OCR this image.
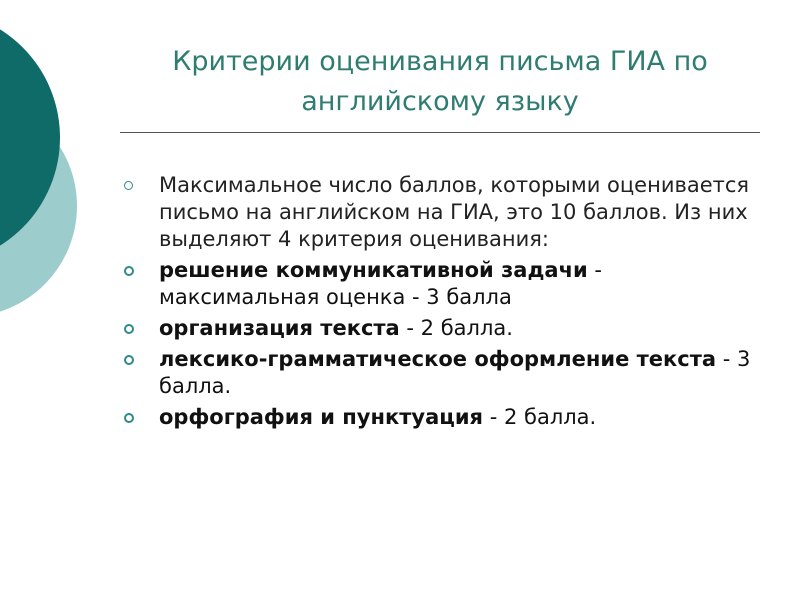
Критерии оценивания письма ГИА по английскому языку
Максимальное число баллов, которыми оценивается письмо на английском на ГИА, это 10 баллов. Из них выделяют 4 критерия оценивания:
решение коммуникативной задачи - максимальная оценка - 3 балла
организация текста - 2 балла.
лексико-грамматическое оформление текста - 3 балла.
орфография и пунктуация - 2 балла.
